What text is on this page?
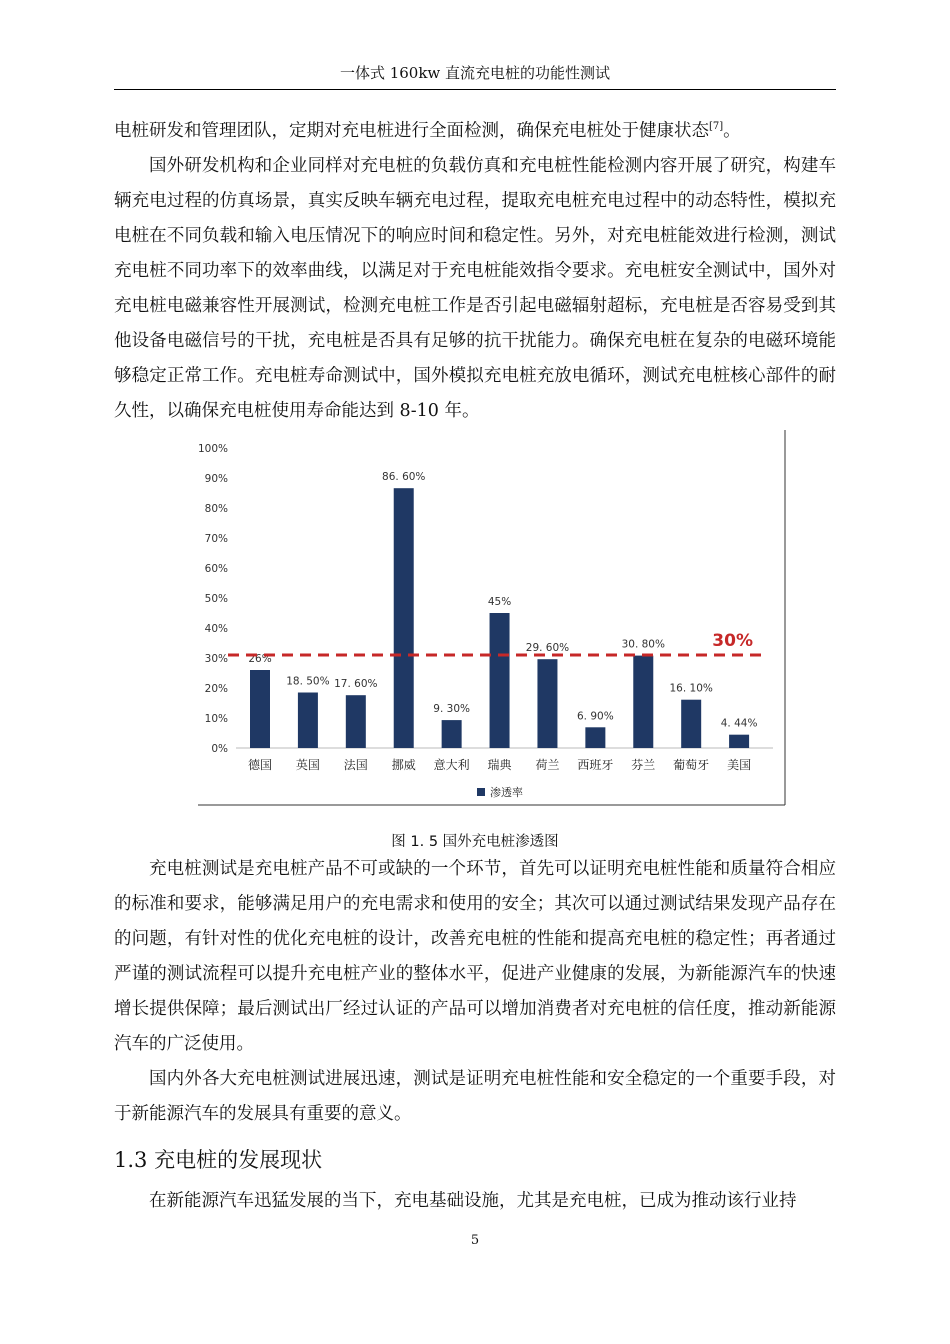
一体式 160kw 直流充电桩的功能性测试

电桩研发和管理团队，定期对充电桩进行全面检测，确保充电桩处于健康状态[7]。

国外研发机构和企业同样对充电桩的负载仿真和充电桩性能检测内容开展了研究，构建车辆充电过程的仿真场景，真实反映车辆充电过程，提取充电桩充电过程中的动态特性，模拟充电桩在不同负载和输入电压情况下的响应时间和稳定性。另外，对充电桩能效进行检测，测试充电桩不同功率下的效率曲线，以满足对于充电桩能效指令要求。充电桩安全测试中，国外对充电桩电磁兼容性开展测试，检测充电桩工作是否引起电磁辐射超标，充电桩是否容易受到其他设备电磁信号的干扰，充电桩是否具有足够的抗干扰能力。确保充电桩在复杂的电磁环境能够稳定正常工作。充电桩寿命测试中，国外模拟充电桩充放电循环，测试充电桩核心部件的耐久性，以确保充电桩使用寿命能达到 8-10 年。

0%
10%
20%
30%
40%
50%
60%
70%
80%
90%
100%
26%
18. 50% 17. 60%
86. 60%
9. 30%
45%
29. 60%
6. 90%
30. 80%
16. 10%
4. 44%
德国 英国 法国 挪威 意大利 瑞典 荷兰 西班牙 芬兰 葡萄牙 美国
30%
渗透率
图 1. 5 国外充电桩渗透图

充电桩测试是充电桩产品不可或缺的一个环节，首先可以证明充电桩性能和质量符合相应的标准和要求，能够满足用户的充电需求和使用的安全；其次可以通过测试结果发现产品存在的问题，有针对性的优化充电桩的设计，改善充电桩的性能和提高充电桩的稳定性；再者通过严谨的测试流程可以提升充电桩产业的整体水平，促进产业健康的发展，为新能源汽车的快速增长提供保障；最后测试出厂经过认证的产品可以增加消费者对充电桩的信任度，推动新能源汽车的广泛使用。

国内外各大充电桩测试进展迅速，测试是证明充电桩性能和安全稳定的一个重要手段，对于新能源汽车的发展具有重要的意义。

1.3 充电桩的发展现状

在新能源汽车迅猛发展的当下，充电基础设施，尤其是充电桩，已成为推动该行业持

5
